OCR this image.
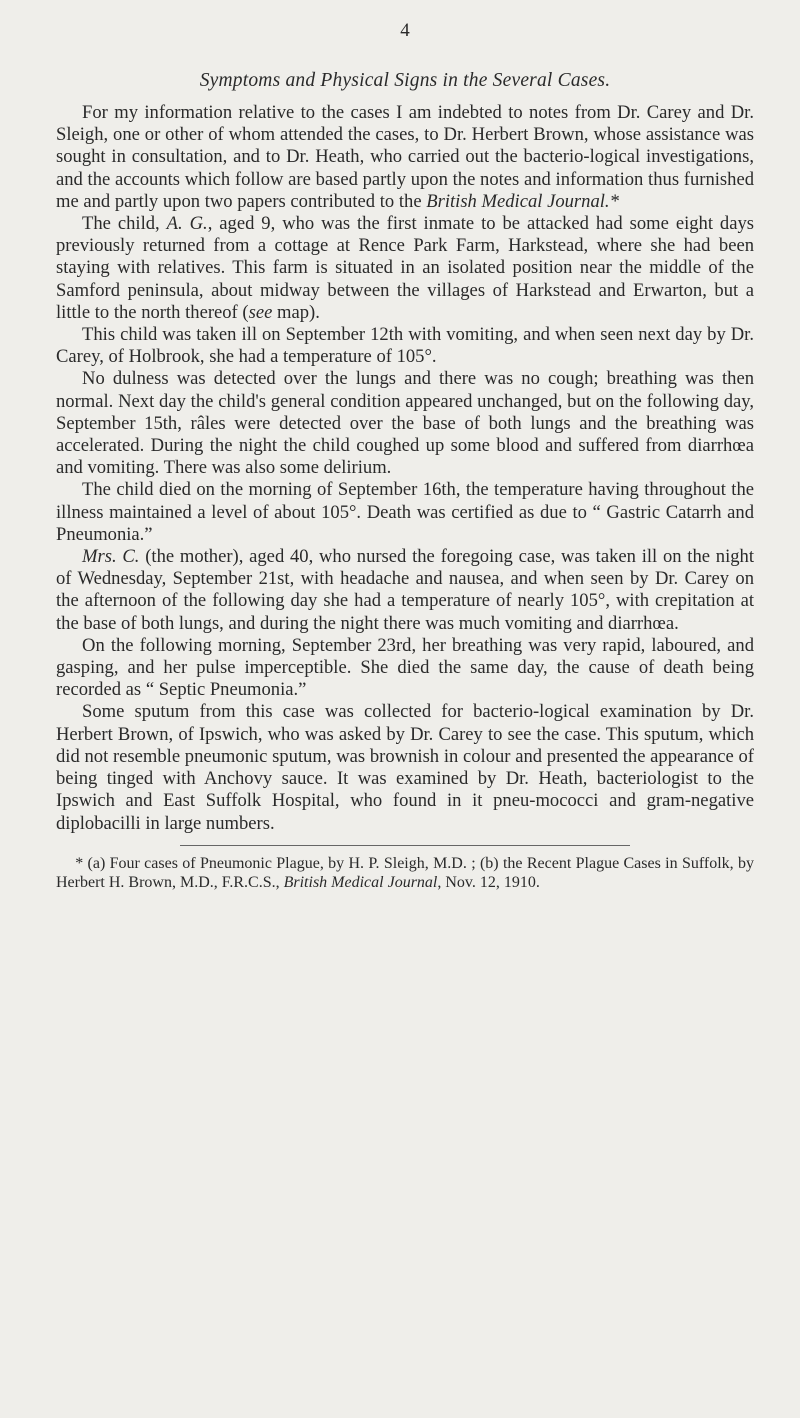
4
Symptoms and Physical Signs in the Several Cases.

For my information relative to the cases I am indebted to notes from Dr. Carey and Dr. Sleigh, one or other of whom attended the cases, to Dr. Herbert Brown, whose assistance was sought in consultation, and to Dr. Heath, who carried out the bacterio-logical investigations, and the accounts which follow are based partly upon the notes and information thus furnished me and partly upon two papers contributed to the British Medical Journal.*

The child, A. G., aged 9, who was the first inmate to be attacked had some eight days previously returned from a cottage at Rence Park Farm, Harkstead, where she had been staying with relatives. This farm is situated in an isolated position near the middle of the Samford peninsula, about midway between the villages of Harkstead and Erwarton, but a little to the north thereof (see map).

This child was taken ill on September 12th with vomiting, and when seen next day by Dr. Carey, of Holbrook, she had a temperature of 105°.

No dulness was detected over the lungs and there was no cough; breathing was then normal. Next day the child's general condition appeared unchanged, but on the following day, September 15th, râles were detected over the base of both lungs and the breathing was accelerated. During the night the child coughed up some blood and suffered from diarrhœa and vomiting. There was also some delirium.

The child died on the morning of September 16th, the temperature having throughout the illness maintained a level of about 105°. Death was certified as due to “ Gastric Catarrh and Pneumonia.”

Mrs. C. (the mother), aged 40, who nursed the foregoing case, was taken ill on the night of Wednesday, September 21st, with headache and nausea, and when seen by Dr. Carey on the afternoon of the following day she had a temperature of nearly 105°, with crepitation at the base of both lungs, and during the night there was much vomiting and diarrhœa.

On the following morning, September 23rd, her breathing was very rapid, laboured, and gasping, and her pulse imperceptible. She died the same day, the cause of death being recorded as “ Septic Pneumonia.”

Some sputum from this case was collected for bacterio-logical examination by Dr. Herbert Brown, of Ipswich, who was asked by Dr. Carey to see the case. This sputum, which did not resemble pneumonic sputum, was brownish in colour and presented the appearance of being tinged with Anchovy sauce. It was examined by Dr. Heath, bacteriologist to the Ipswich and East Suffolk Hospital, who found in it pneu-mococci and gram-negative diplobacilli in large numbers.

* (a) Four cases of Pneumonic Plague, by H. P. Sleigh, M.D. ; (b) the Recent Plague Cases in Suffolk, by Herbert H. Brown, M.D., F.R.C.S., British Medical Journal, Nov. 12, 1910.
